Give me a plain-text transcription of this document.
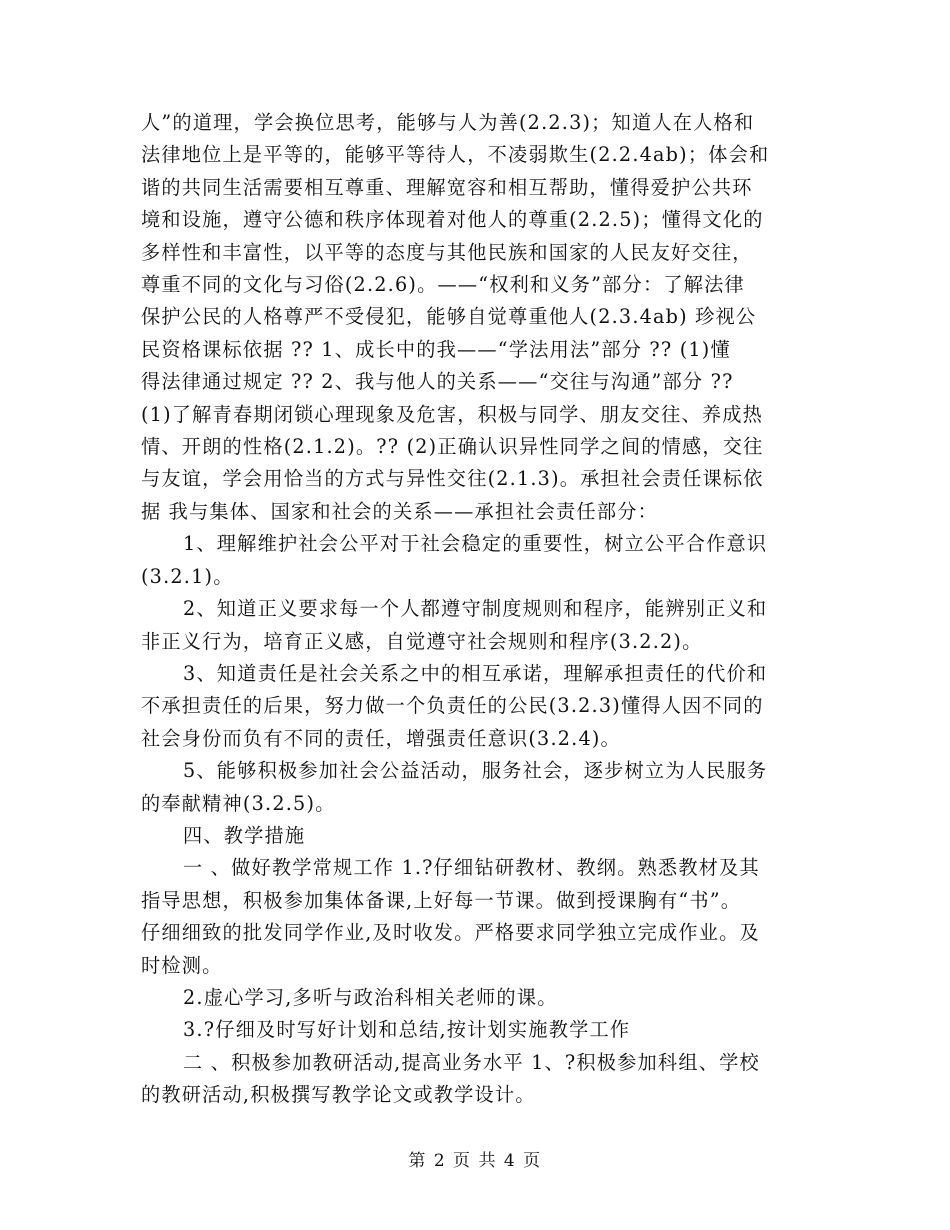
人”的道理，学会换位思考，能够与人为善(2.2.3)；知道人在人格和
法律地位上是平等的，能够平等待人，不凌弱欺生(2.2.4ab)；体会和
谐的共同生活需要相互尊重、理解宽容和相互帮助，懂得爱护公共环
境和设施，遵守公德和秩序体现着对他人的尊重(2.2.5)；懂得文化的
多样性和丰富性，以平等的态度与其他民族和国家的人民友好交往，
尊重不同的文化与习俗(2.2.6)。——“权利和义务”部分：了解法律
保护公民的人格尊严不受侵犯，能够自觉尊重他人(2.3.4ab) 珍视公
民资格课标依据 ?? 1、成长中的我——“学法用法”部分 ?? (1)懂
得法律通过规定 ?? 2、我与他人的关系——“交往与沟通”部分 ??
(1)了解青春期闭锁心理现象及危害，积极与同学、朋友交往、养成热
情、开朗的性格(2.1.2)。?? (2)正确认识异性同学之间的情感，交往
与友谊，学会用恰当的方式与异性交往(2.1.3)。承担社会责任课标依
据 我与集体、国家和社会的关系——承担社会责任部分：
1、理解维护社会公平对于社会稳定的重要性，树立公平合作意识
(3.2.1)。
2、知道正义要求每一个人都遵守制度规则和程序，能辨别正义和
非正义行为，培育正义感，自觉遵守社会规则和程序(3.2.2)。
3、知道责任是社会关系之中的相互承诺，理解承担责任的代价和
不承担责任的后果，努力做一个负责任的公民(3.2.3)懂得人因不同的
社会身份而负有不同的责任，增强责任意识(3.2.4)。
5、能够积极参加社会公益活动，服务社会，逐步树立为人民服务
的奉献精神(3.2.5)。
四、教学措施
一 、做好教学常规工作 1.?仔细钻研教材、教纲。熟悉教材及其
指导思想，积极参加集体备课,上好每一节课。做到授课胸有“书”。
仔细细致的批发同学作业,及时收发。严格要求同学独立完成作业。及
时检测。
2.虚心学习,多听与政治科相关老师的课。
3.?仔细及时写好计划和总结,按计划实施教学工作
二 、积极参加教研活动,提高业务水平 1、?积极参加科组、学校
的教研活动,积极撰写教学论文或教学设计。
第 2 页 共 4 页
